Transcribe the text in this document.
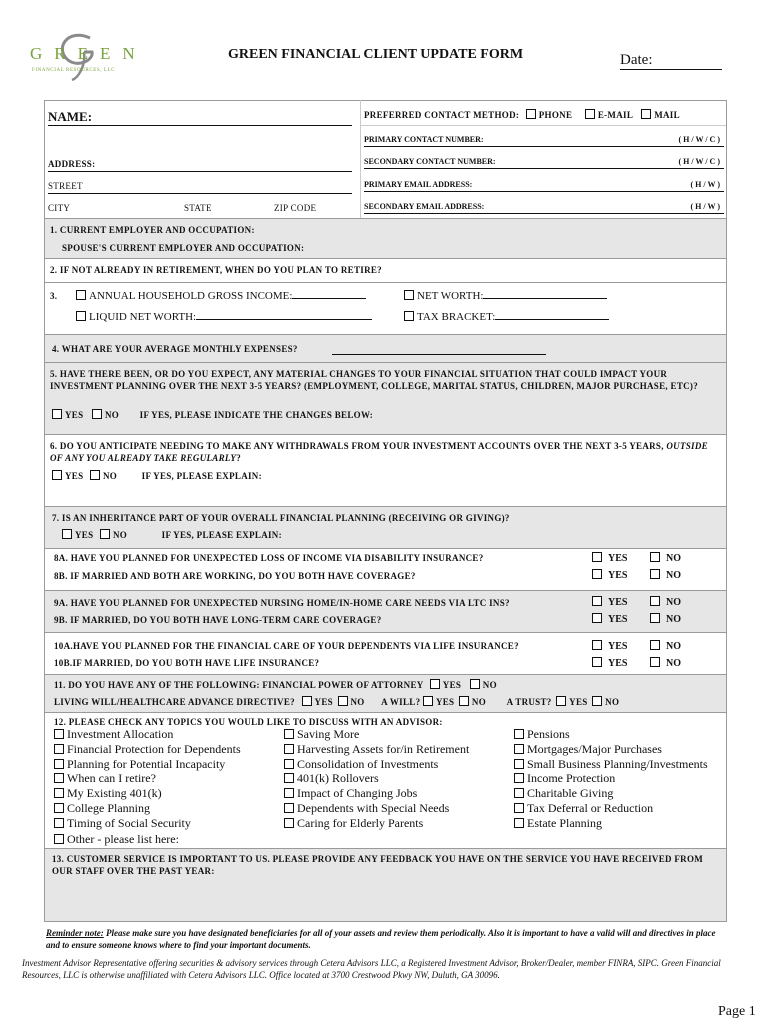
GREEN
FINANCIAL RESOURCES, LLC
GREEN FINANCIAL CLIENT UPDATE FORM	Date:
NAME:
ADDRESS:
STREET
CITY	STATE	ZIP CODE
PREFERRED CONTACT METHOD: PHONE	E-MAIL MAIL
PRIMARY CONTACT NUMBER:	( H / W / C )
SECONDARY CONTACT NUMBER:	( H / W / C )
PRIMARY EMAIL ADDRESS:	( H / W )
SECONDARY EMAIL ADDRESS:	( H / W )
1. CURRENT EMPLOYER AND OCCUPATION:
SPOUSE'S CURRENT EMPLOYER AND OCCUPATION:
2. IF NOT ALREADY IN RETIREMENT, WHEN DO YOU PLAN TO RETIRE?
3.	ANNUAL HOUSEHOLD GROSS INCOME:	NET WORTH:
LIQUID NET WORTH:	TAX BRACKET:
4. WHAT ARE YOUR AVERAGE MONTHLY EXPENSES?
5. HAVE THERE BEEN, OR DO YOU EXPECT, ANY MATERIAL CHANGES TO YOUR FINANCIAL SITUATION THAT COULD IMPACT YOUR INVESTMENT PLANNING OVER THE NEXT 3-5 YEARS? (EMPLOYMENT, COLLEGE, MARITAL STATUS, CHILDREN, MAJOR PURCHASE, ETC)?
YES NO IF YES, PLEASE INDICATE THE CHANGES BELOW:
6. DO YOU ANTICIPATE NEEDING TO MAKE ANY WITHDRAWALS FROM YOUR INVESTMENT ACCOUNTS OVER THE NEXT 3-5 YEARS, OUTSIDE OF ANY YOU ALREADY TAKE REGULARLY?
YES NO	IF YES, PLEASE EXPLAIN:
7. IS AN INHERITANCE PART OF YOUR OVERALL FINANCIAL PLANNING (RECEIVING OR GIVING)?
YES NO	IF YES, PLEASE EXPLAIN:
8A. HAVE YOU PLANNED FOR UNEXPECTED LOSS OF INCOME VIA DISABILITY INSURANCE?	YES	NO
8B. IF MARRIED AND BOTH ARE WORKING, DO YOU BOTH HAVE COVERAGE?	YES	NO
9A. HAVE YOU PLANNED FOR UNEXPECTED NURSING HOME/IN-HOME CARE NEEDS VIA LTC INS?	YES	NO
9B. IF MARRIED, DO YOU BOTH HAVE LONG-TERM CARE COVERAGE?	YES	NO
10A.HAVE YOU PLANNED FOR THE FINANCIAL CARE OF YOUR DEPENDENTS VIA LIFE INSURANCE?	YES	NO
10B.IF MARRIED, DO YOU BOTH HAVE LIFE INSURANCE?	YES	NO
11. DO YOU HAVE ANY OF THE FOLLOWING: FINANCIAL POWER OF ATTORNEY YES NO
LIVING WILL/HEALTHCARE ADVANCE DIRECTIVE? YES NO A WILL? YES NO A TRUST? YES NO
12. PLEASE CHECK ANY TOPICS YOU WOULD LIKE TO DISCUSS WITH AN ADVISOR:
Investment Allocation
Financial Protection for Dependents
Planning for Potential Incapacity
When can I retire?
My Existing 401(k)
College Planning
Timing of Social Security
Other - please list here:
Saving More
Harvesting Assets for/in Retirement
Consolidation of Investments
401(k) Rollovers
Impact of Changing Jobs
Dependents with Special Needs
Caring for Elderly Parents
Pensions
Mortgages/Major Purchases
Small Business Planning/Investments
Income Protection
Charitable Giving
Tax Deferral or Reduction
Estate Planning
13. CUSTOMER SERVICE IS IMPORTANT TO US. PLEASE PROVIDE ANY FEEDBACK YOU HAVE ON THE SERVICE YOU HAVE RECEIVED FROM OUR STAFF OVER THE PAST YEAR:
Reminder note: Please make sure you have designated beneficiaries for all of your assets and review them periodically. Also it is important to have a valid will and directives in place and to ensure someone knows where to find your important documents.
Investment Advisor Representative offering securities & advisory services through Cetera Advisors LLC, a Registered Investment Advisor, Broker/Dealer, member FINRA, SIPC. Green Financial Resources, LLC is otherwise unaffiliated with Cetera Advisors LLC. Office located at 3700 Crestwood Pkwy NW, Duluth, GA 30096.
Page 1
